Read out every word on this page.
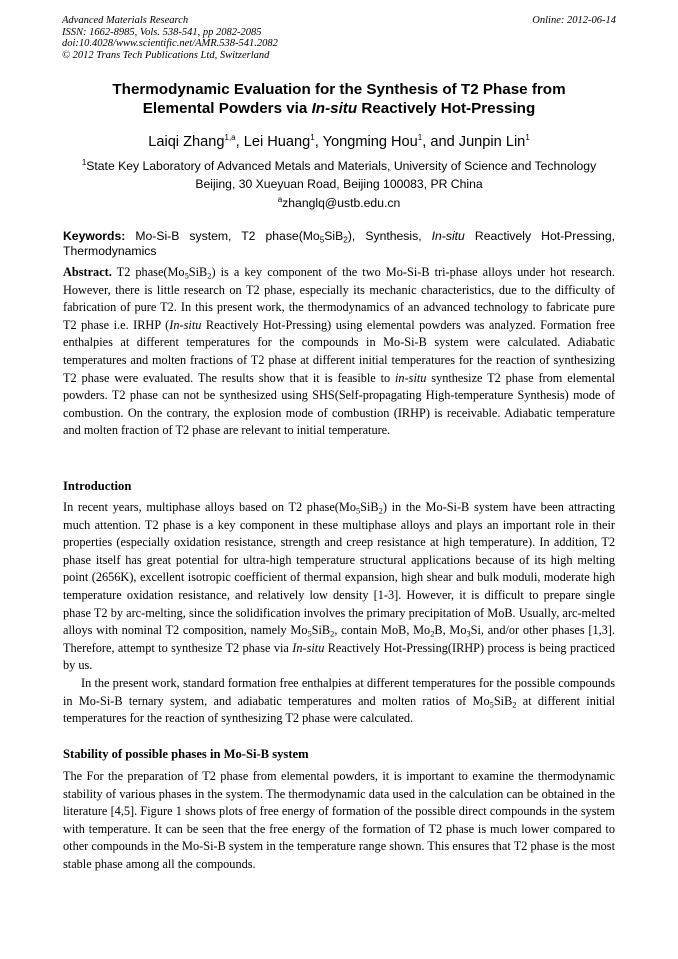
Advanced Materials Research
ISSN: 1662-8985, Vols. 538-541, pp 2082-2085
doi:10.4028/www.scientific.net/AMR.538-541.2082
© 2012 Trans Tech Publications Ltd, Switzerland
Online: 2012-06-14
Thermodynamic Evaluation for the Synthesis of T2 Phase from
Elemental Powders via In-situ Reactively Hot-Pressing
Laiqi Zhang$^{1,a}$, Lei Huang$^1$, Yongming Hou$^1$, and Junpin Lin$^1$
$^1$State Key Laboratory of Advanced Metals and Materials, University of Science and Technology
Beijing, 30 Xueyuan Road, Beijing 100083, PR China
$^a$zhanglq@ustb.edu.cn
Keywords: Mo-Si-B system, T2 $phase(Mo_5SiB_2)$, Synthesis, In-situ Reactively Hot-Pressing, Thermodynamics

Abstract. T2 $phase(Mo_5SiB_2)$ is a key component of the two Mo-Si-B tri-phase alloys under hot research. However, there is little research on T2 phase, especially its mechanic characteristics, due to the difficulty of fabrication of pure T2. In this present work, the thermodynamics of an advanced technology to fabricate pure T2 phase i.e. IRHP (In-situ Reactively Hot-Pressing) using elemental powders was analyzed. Formation free enthalpies at different temperatures for the compounds in Mo-Si-B system were calculated. Adiabatic temperatures and molten fractions of T2 phase at different initial temperatures for the reaction of synthesizing T2 phase were evaluated. The results show that it is feasible to in-situ synthesize T2 phase from elemental powders. T2 phase can not be synthesized using SHS(Self-propagating High-temperature Synthesis) mode of combustion. On the contrary, the explosion mode of combustion (IRHP) is receivable. Adiabatic temperature and molten fraction of T2 phase are relevant to initial temperature.

Introduction

In recent years, multiphase alloys based on T2 $phase(Mo_5SiB_2)$ in the Mo-Si-B system have been attracting much attention. T2 phase is a key component in these multiphase alloys and plays an important role in their properties (especially oxidation resistance, strength and creep resistance at high temperature). In addition, T2 phase itself has great potential for ultra-high temperature structural applications because of its high melting point (2656K), excellent isotropic coefficient of thermal expansion, high shear and bulk moduli, moderate high temperature oxidation resistance, and relatively low density [1-3]. However, it is difficult to prepare single phase T2 by arc-melting, since the solidification involves the primary precipitation of MoB. Usually, arc-melted alloys with nominal T2 composition, namely $Mo_5SiB_2$, contain MoB, $Mo_2B$, $Mo_3Si$, and/or other phases [1,3]. Therefore, attempt to synthesize T2 phase via In-situ Reactively Hot-Pressing(IRHP) process is being practiced by us.

In the present work, standard formation free enthalpies at different temperatures for the possible compounds in Mo-Si-B ternary system, and adiabatic temperatures and molten ratios of $Mo_5SiB_2$ at different initial temperatures for the reaction of synthesizing T2 phase were calculated.

Stability of possible phases in Mo-Si-B system

The For the preparation of T2 phase from elemental powders, it is important to examine the thermodynamic stability of various phases in the system. The thermodynamic data used in the calculation can be obtained in the literature [4,5]. Figure 1 shows plots of free energy of formation of the possible direct compounds in the system with temperature. It can be seen that the free energy of the formation of T2 phase is much lower compared to other compounds in the Mo-Si-B system in the temperature range shown. This ensures that T2 phase is the most stable phase among all the compounds.
